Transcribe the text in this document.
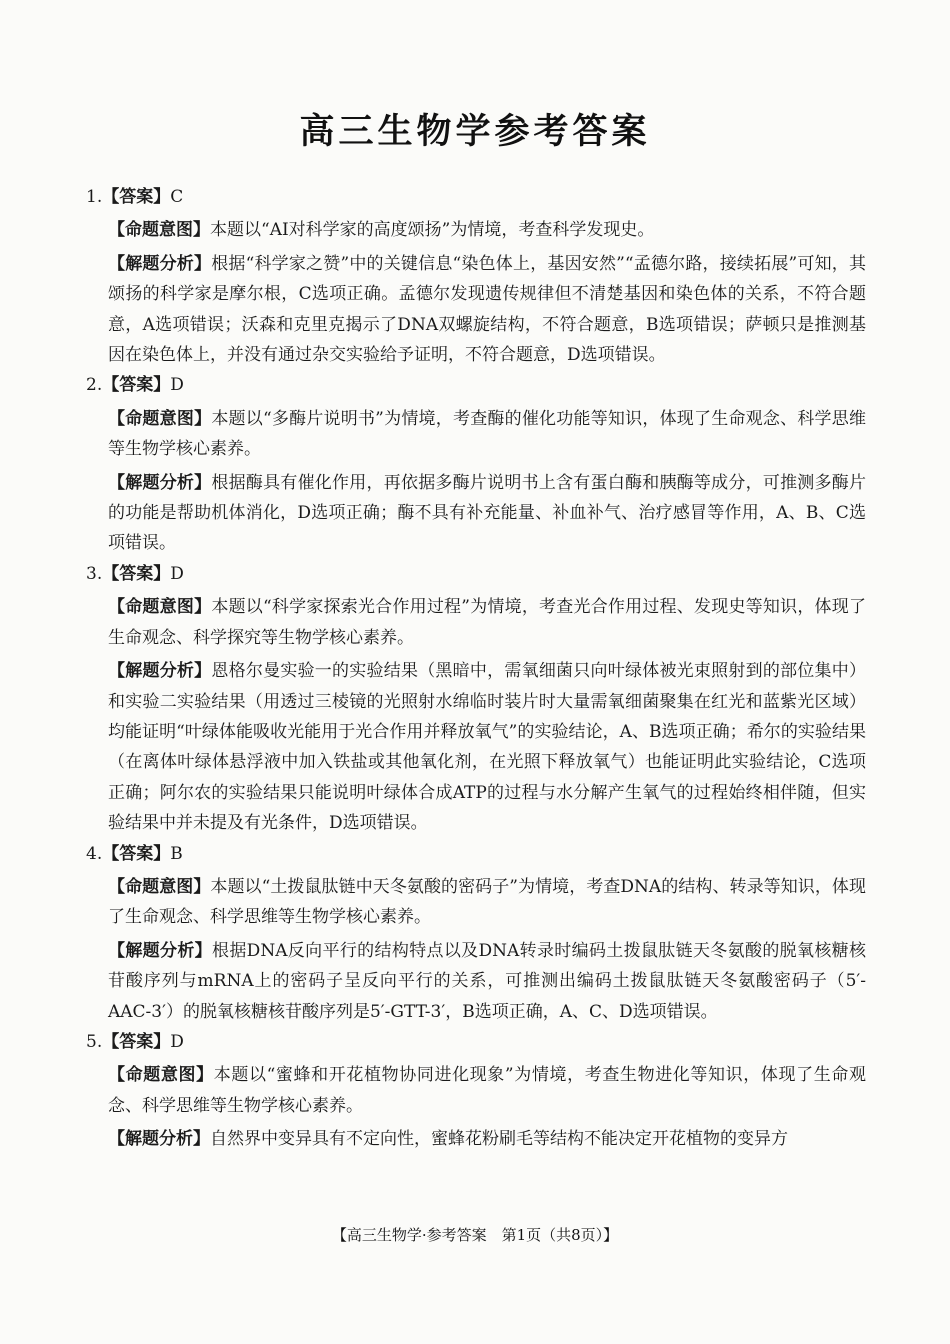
高三生物学参考答案

1.【答案】C

【命题意图】本题以“AI对科学家的高度颂扬”为情境，考查科学发现史。

【解题分析】根据“科学家之赞”中的关键信息“染色体上，基因安然”“孟德尔路，接续拓展”可知，其颂扬的科学家是摩尔根，C选项正确。孟德尔发现遗传规律但不清楚基因和染色体的关系，不符合题意，A选项错误；沃森和克里克揭示了DNA双螺旋结构，不符合题意，B选项错误；萨顿只是推测基因在染色体上，并没有通过杂交实验给予证明，不符合题意，D选项错误。

2.【答案】D

【命题意图】本题以“多酶片说明书”为情境，考查酶的催化功能等知识，体现了生命观念、科学思维等生物学核心素养。

【解题分析】根据酶具有催化作用，再依据多酶片说明书上含有蛋白酶和胰酶等成分，可推测多酶片的功能是帮助机体消化，D选项正确；酶不具有补充能量、补血补气、治疗感冒等作用，A、B、C选项错误。

3.【答案】D

【命题意图】本题以“科学家探索光合作用过程”为情境，考查光合作用过程、发现史等知识，体现了生命观念、科学探究等生物学核心素养。

【解题分析】恩格尔曼实验一的实验结果（黑暗中，需氧细菌只向叶绿体被光束照射到的部位集中）和实验二实验结果（用透过三棱镜的光照射水绵临时装片时大量需氧细菌聚集在红光和蓝紫光区域）均能证明“叶绿体能吸收光能用于光合作用并释放氧气”的实验结论，A、B选项正确；希尔的实验结果（在离体叶绿体悬浮液中加入铁盐或其他氧化剂，在光照下释放氧气）也能证明此实验结论，C选项正确；阿尔农的实验结果只能说明叶绿体合成ATP的过程与水分解产生氧气的过程始终相伴随，但实验结果中并未提及有光条件，D选项错误。

4.【答案】B

【命题意图】本题以“土拨鼠肽链中天冬氨酸的密码子”为情境，考查DNA的结构、转录等知识，体现了生命观念、科学思维等生物学核心素养。

【解题分析】根据DNA反向平行的结构特点以及DNA转录时编码土拨鼠肽链天冬氨酸的脱氧核糖核苷酸序列与mRNA上的密码子呈反向平行的关系，可推测出编码土拨鼠肽链天冬氨酸密码子（5′-AAC-3′）的脱氧核糖核苷酸序列是5′-GTT-3′，B选项正确，A、C、D选项错误。

5.【答案】D

【命题意图】本题以“蜜蜂和开花植物协同进化现象”为情境，考查生物进化等知识，体现了生命观念、科学思维等生物学核心素养。

【解题分析】自然界中变异具有不定向性，蜜蜂花粉刷毛等结构不能决定开花植物的变异方

【高三生物学·参考答案　第1页（共8页）】
